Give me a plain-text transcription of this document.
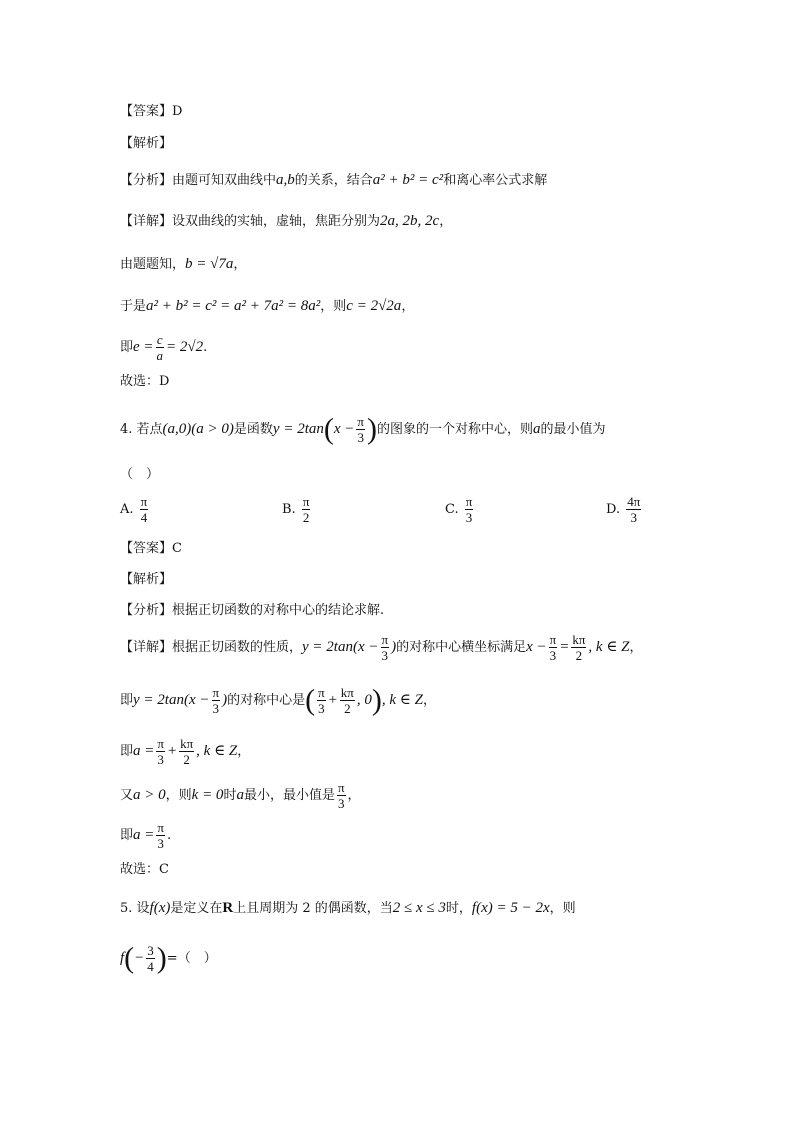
【答案】D
【解析】
【分析】由题可知双曲线中a,b的关系，结合a² + b² = c²和离心率公式求解
【详解】设双曲线的实轴，虚轴，焦距分别为2a, 2b, 2c，
由题题知，b = √7a，
于是a² + b² = c² = a² + 7a² = 8a²，则c = 2√2a，
即$e = \frac{c}{a} = 2√2$.
故选：D
4. 若点(a,0)(a > 0)是函数$y = 2\tan(x - \frac{\pi}{3}$ )的图象的一个对称中心，则a的最小值为
（　）
A. $\frac{\pi}{4}$	B. $\frac{\pi}{2}$	C. $\frac{\pi}{3}$	D. $\frac{4\pi}{3}$
【答案】C
【解析】
【分析】根据正切函数的对称中心的结论求解.
【详解】根据正切函数的性质，$y = 2\tan(x - \frac{\pi}{3}$ )的对称中心横坐标满足$x - \frac{\pi}{3} = \frac{k\pi}{2}$ , k ∈ Z，
即$y = 2\tan(x - \frac{\pi}{3}$ )的对称中心是( $\frac{\pi}{3} + \frac{k\pi}{2}$ , 0), k ∈ Z，
即$a = \frac{\pi}{3} + \frac{k\pi}{2}$ , k ∈ Z，
又a > 0，则k = 0时a最小，最小值是 $\frac{\pi}{3}$ ，
即$a = \frac{\pi}{3}$ .
故选：C
5. 设f(x)是定义在R上且周期为 2 的偶函数，当2 ≤ x ≤ 3时，f(x) = 5 − 2x，则
$f(- \frac{3}{4}$ )=（　）
